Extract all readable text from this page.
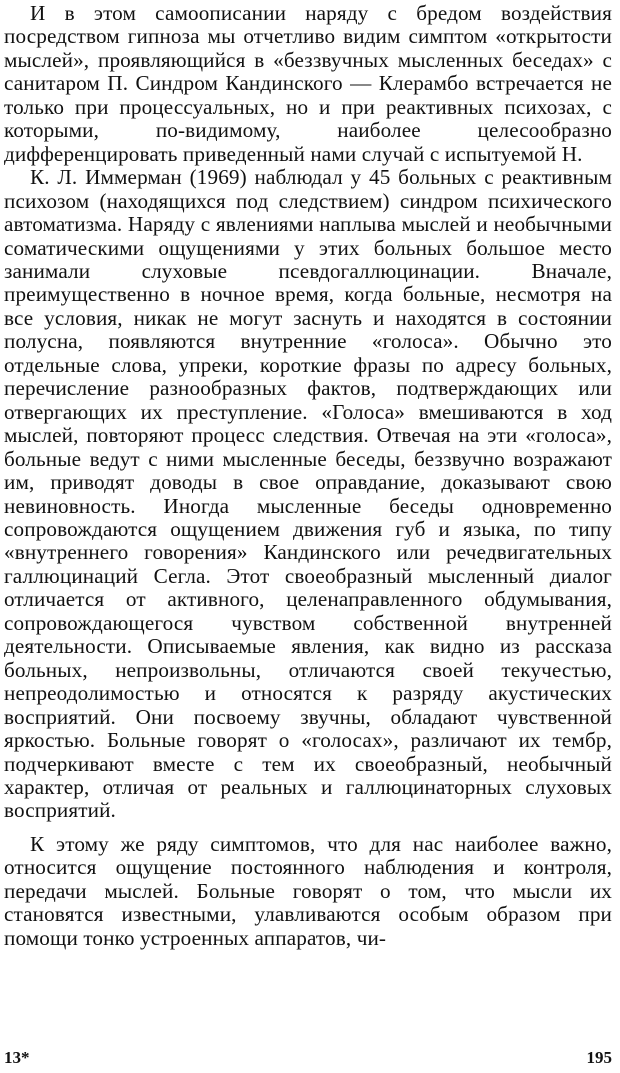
И в этом самоописании наряду с бредом воздействия посредством гипноза мы отчетливо видим симптом «открытости мыслей», проявляющийся в «беззвучных мысленных беседах» с санитаром П. Синдром Кандинского — Клерамбо встречается не только при процессуальных, но и при реактивных психозах, с которыми, по-видимому, наиболее целесообразно дифференцировать приведенный нами случай с испытуемой Н.

К. Л. Иммерман (1969) наблюдал у 45 больных с реактивным психозом (находящихся под следствием) синдром психического автоматизма. Наряду с явлениями наплыва мыслей и необычными соматическими ощущениями у этих больных большое место занимали слуховые псевдогаллюцинации. Вначале, преимущественно в ночное время, когда больные, несмотря на все условия, никак не могут заснуть и находятся в состоянии полусна, появляются внутренние «голоса». Обычно это отдельные слова, упреки, короткие фразы по адресу больных, перечисление разнообразных фактов, подтверждающих или отвергающих их преступление. «Голоса» вмешиваются в ход мыслей, повторяют процесс следствия. Отвечая на эти «голоса», больные ведут с ними мысленные беседы, беззвучно возражают им, приводят доводы в свое оправдание, доказывают свою невиновность. Иногда мысленные беседы одновременно сопровождаются ощущением движения губ и языка, по типу «внутреннего говорения» Кандинского или речедвигательных галлюцинаций Сегла. Этот своеобразный мысленный диалог отличается от активного, целенаправленного обдумывания, сопровождающегося чувством собственной внутренней деятельности. Описываемые явления, как видно из рассказа больных, непроизвольны, отличаются своей текучестью, непреодолимостью и относятся к разряду акустических восприятий. Они посвоему звучны, обладают чувственной яркостью. Больные говорят о «голосах», различают их тембр, подчеркивают вместе с тем их своеобразный, необычный характер, отличая от реальных и галлюцинаторных слуховых восприятий.

К этому же ряду симптомов, что для нас наиболее важно, относится ощущение постоянного наблюдения и контроля, передачи мыслей. Больные говорят о том, что мысли их становятся известными, улавливаются особым образом при помощи тонко устроенных аппаратов, чи-

13*	195
